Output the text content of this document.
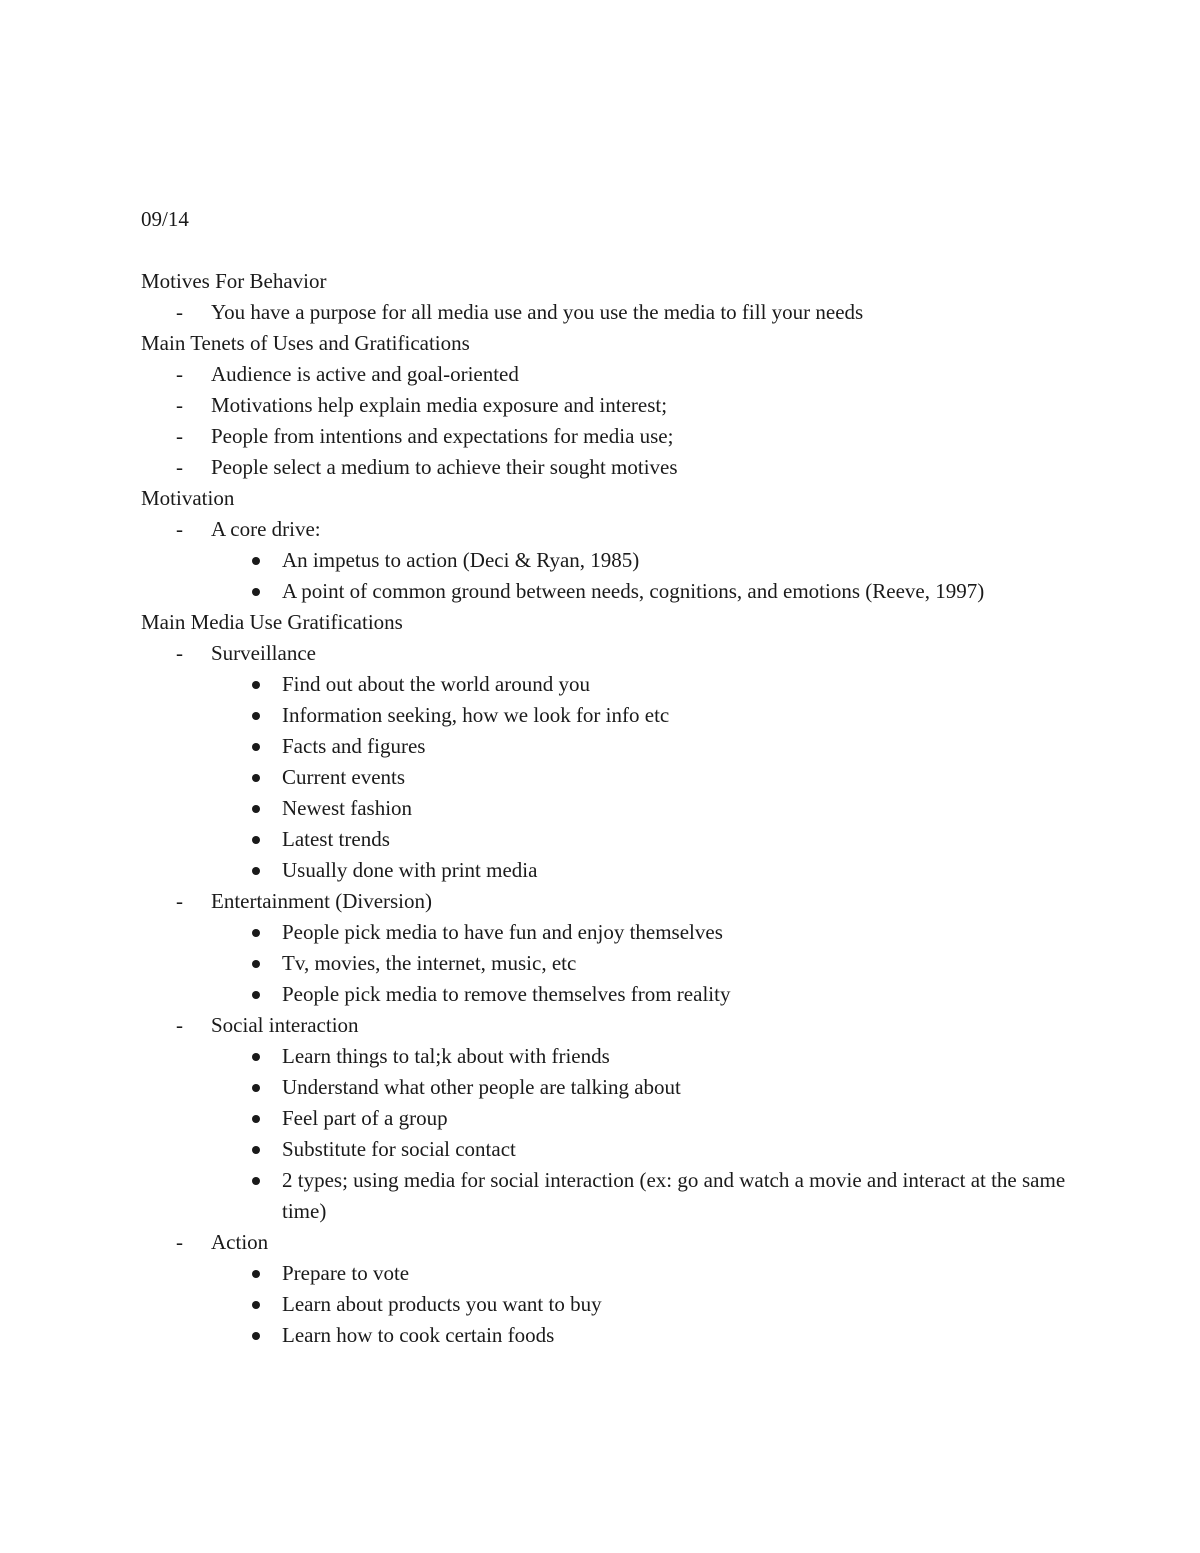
09/14

Motives For Behavior

-	You have a purpose for all media use and you use the media to fill your needs

Main Tenets of Uses and Gratifications

-	Audience is active and goal-oriented

-	Motivations help explain media exposure and interest;

-	People from intentions and expectations for media use;

-	People select a medium to achieve their sought motives

Motivation

-	A core drive:

An impetus to action (Deci & Ryan, 1985)
A point of common ground between needs, cognitions, and emotions (Reeve, 1997)

Main Media Use Gratifications

-	Surveillance

Find out about the world around you
Information seeking, how we look for info etc
Facts and figures
Current events
Newest fashion
Latest trends
Usually done with print media

-	Entertainment (Diversion)

People pick media to have fun and enjoy themselves
Tv, movies, the internet, music, etc
People pick media to remove themselves from reality

-	Social interaction

Learn things to tal;k about with friends
Understand what other people are talking about
Feel part of a group
Substitute for social contact
2 types; using media for social interaction (ex: go and watch a movie and interact at the same time)

-	Action

Prepare to vote
Learn about products you want to buy
Learn how to cook certain foods
